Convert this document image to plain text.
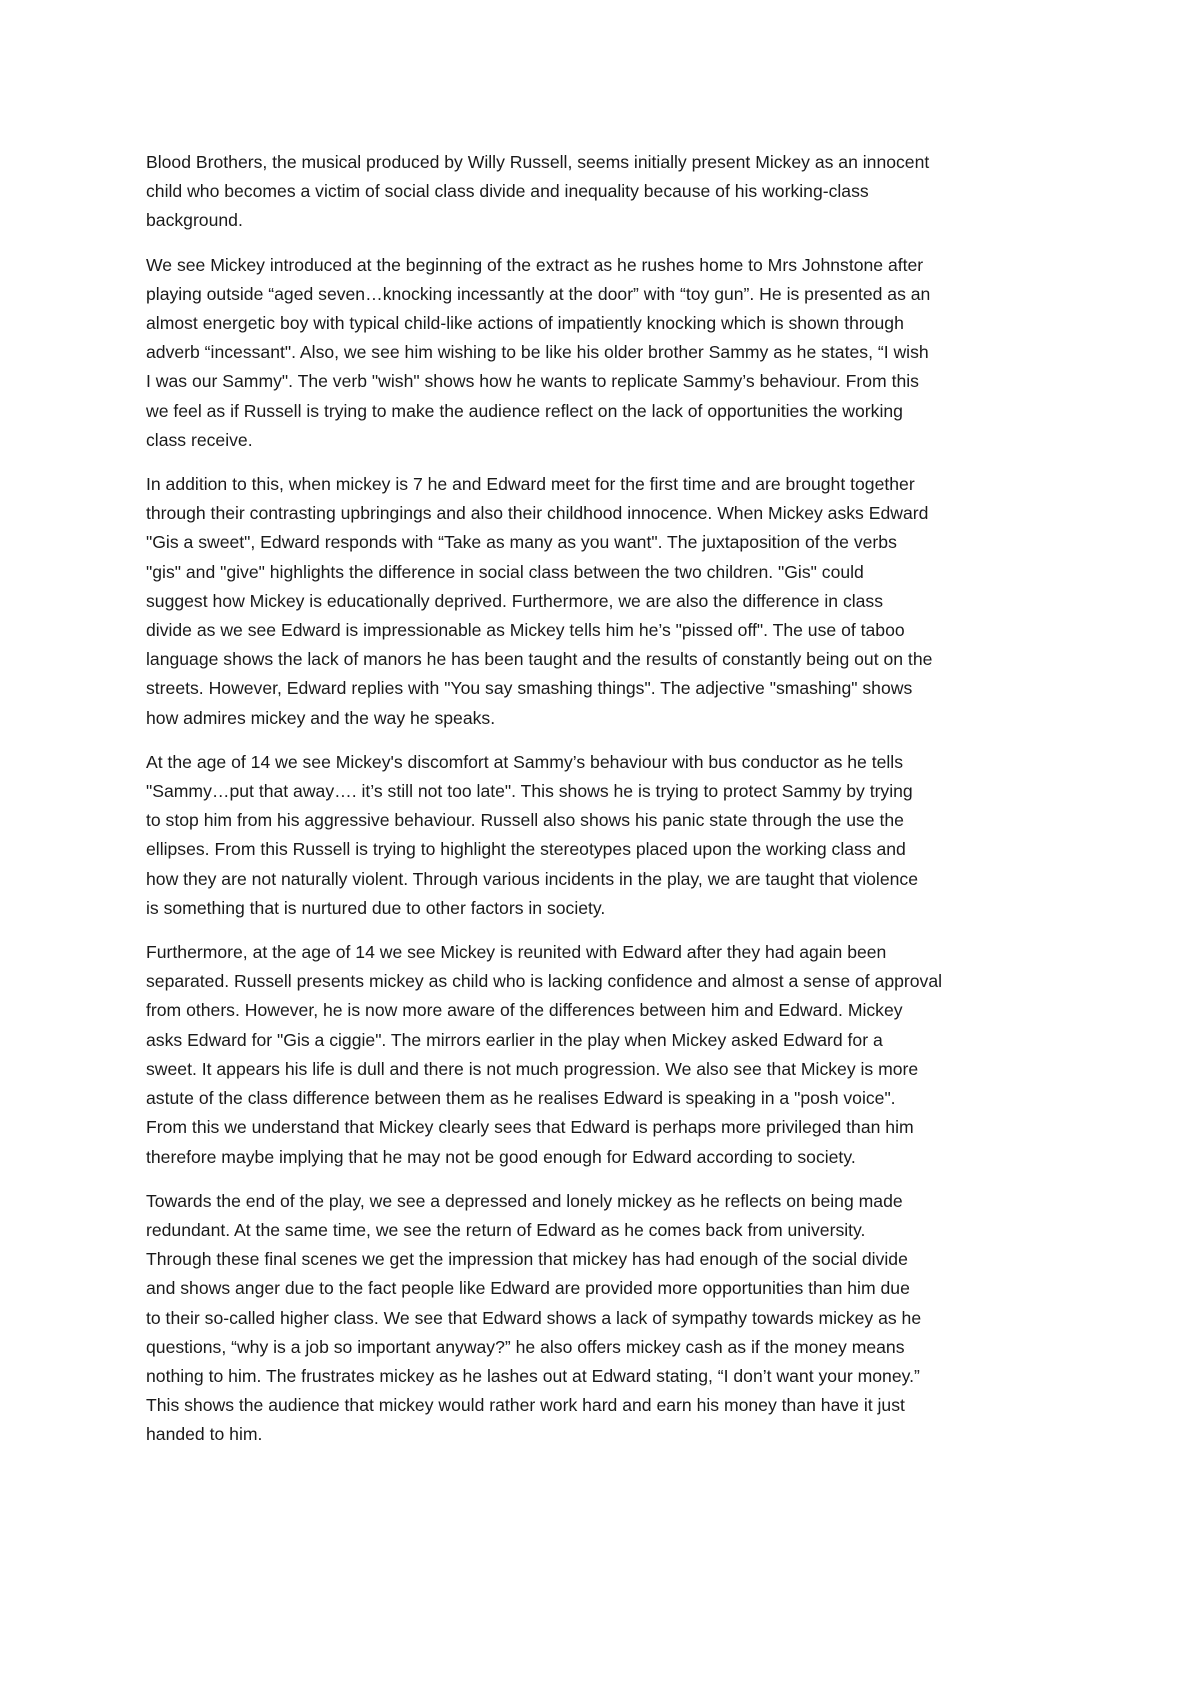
Blood Brothers, the musical produced by Willy Russell, seems initially present Mickey as an innocent
child who becomes a victim of social class divide and inequality because of his working-class
background.

We see Mickey introduced at the beginning of the extract as he rushes home to Mrs Johnstone after
playing outside “aged seven…knocking incessantly at the door” with “toy gun”. He is presented as an
almost energetic boy with typical child-like actions of impatiently knocking which is shown through
adverb “incessant". Also, we see him wishing to be like his older brother Sammy as he states, “I wish
I was our Sammy". The verb "wish" shows how he wants to replicate Sammy’s behaviour. From this
we feel as if Russell is trying to make the audience reflect on the lack of opportunities the working
class receive.

In addition to this, when mickey is 7 he and Edward meet for the first time and are brought together
through their contrasting upbringings and also their childhood innocence. When Mickey asks Edward
"Gis a sweet", Edward responds with “Take as many as you want". The juxtaposition of the verbs
"gis" and "give" highlights the difference in social class between the two children. "Gis" could
suggest how Mickey is educationally deprived. Furthermore, we are also the difference in class
divide as we see Edward is impressionable as Mickey tells him he’s "pissed off". The use of taboo
language shows the lack of manors he has been taught and the results of constantly being out on the
streets. However, Edward replies with "You say smashing things". The adjective "smashing" shows
how admires mickey and the way he speaks.

At the age of 14 we see Mickey's discomfort at Sammy’s behaviour with bus conductor as he tells
"Sammy…put that away…. it’s still not too late". This shows he is trying to protect Sammy by trying
to stop him from his aggressive behaviour. Russell also shows his panic state through the use the
ellipses. From this Russell is trying to highlight the stereotypes placed upon the working class and
how they are not naturally violent. Through various incidents in the play, we are taught that violence
is something that is nurtured due to other factors in society.

Furthermore, at the age of 14 we see Mickey is reunited with Edward after they had again been
separated. Russell presents mickey as child who is lacking confidence and almost a sense of approval
from others. However, he is now more aware of the differences between him and Edward. Mickey
asks Edward for "Gis a ciggie". The mirrors earlier in the play when Mickey asked Edward for a
sweet. It appears his life is dull and there is not much progression. We also see that Mickey is more
astute of the class difference between them as he realises Edward is speaking in a "posh voice".
From this we understand that Mickey clearly sees that Edward is perhaps more privileged than him
therefore maybe implying that he may not be good enough for Edward according to society.

Towards the end of the play, we see a depressed and lonely mickey as he reflects on being made
redundant. At the same time, we see the return of Edward as he comes back from university.
Through these final scenes we get the impression that mickey has had enough of the social divide
and shows anger due to the fact people like Edward are provided more opportunities than him due
to their so-called higher class. We see that Edward shows a lack of sympathy towards mickey as he
questions, “why is a job so important anyway?” he also offers mickey cash as if the money means
nothing to him. The frustrates mickey as he lashes out at Edward stating, “I don’t want your money.”
This shows the audience that mickey would rather work hard and earn his money than have it just
handed to him.
